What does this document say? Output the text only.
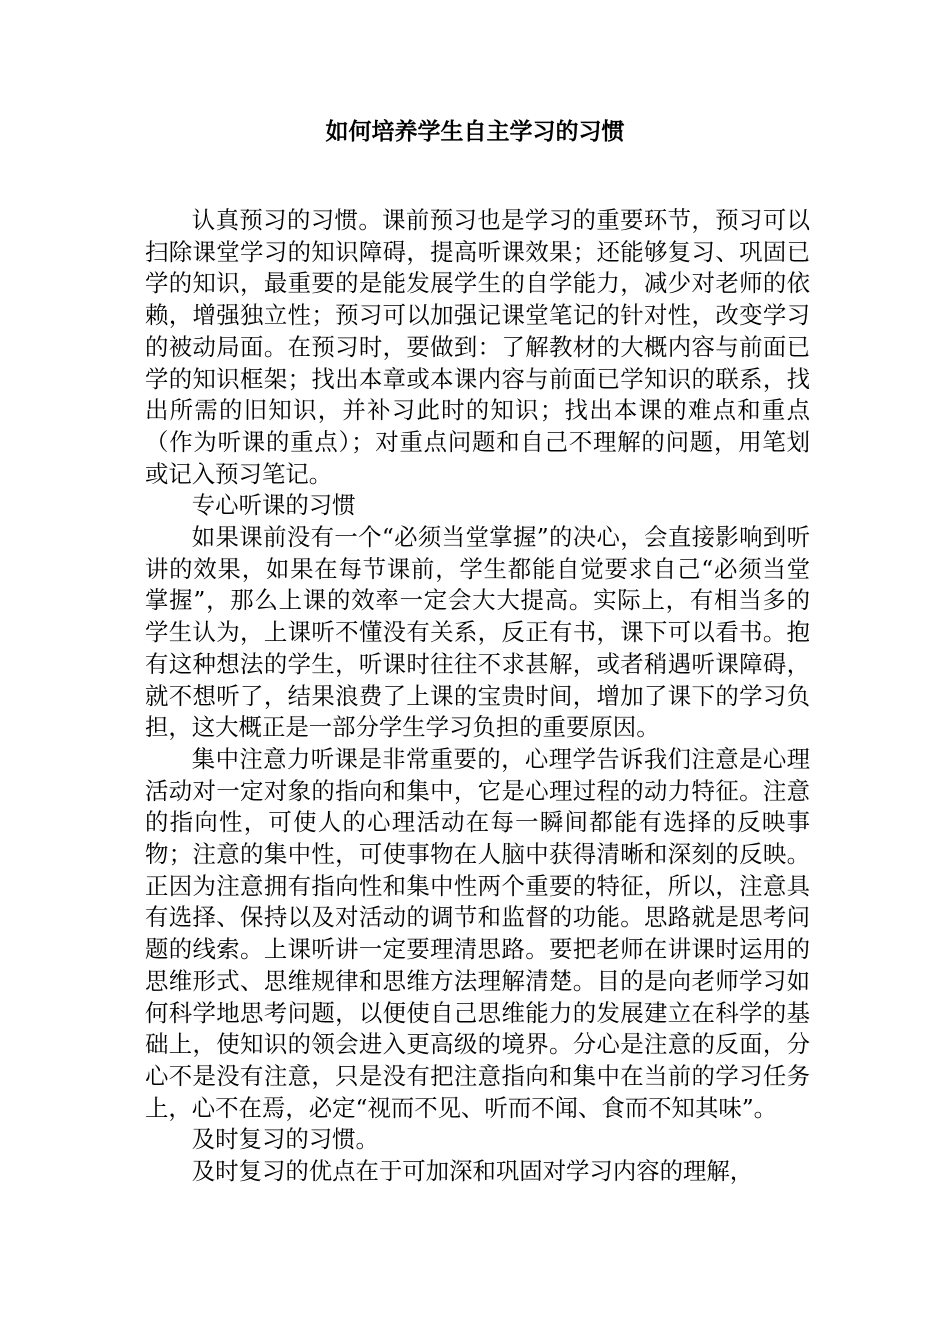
如何培养学生自主学习的习惯

认真预习的习惯。课前预习也是学习的重要环节，预习可以扫除课堂学习的知识障碍，提高听课效果；还能够复习、巩固已学的知识，最重要的是能发展学生的自学能力，减少对老师的依赖，增强独立性；预习可以加强记课堂笔记的针对性，改变学习的被动局面。在预习时，要做到：了解教材的大概内容与前面已学的知识框架；找出本章或本课内容与前面已学知识的联系，找出所需的旧知识，并补习此时的知识；找出本课的难点和重点（作为听课的重点）；对重点问题和自己不理解的问题，用笔划或记入预习笔记。

专心听课的习惯

如果课前没有一个“必须当堂掌握”的决心，会直接影响到听讲的效果，如果在每节课前，学生都能自觉要求自己“必须当堂掌握”，那么上课的效率一定会大大提高。实际上，有相当多的学生认为，上课听不懂没有关系，反正有书，课下可以看书。抱有这种想法的学生，听课时往往不求甚解，或者稍遇听课障碍，就不想听了，结果浪费了上课的宝贵时间，增加了课下的学习负担，这大概正是一部分学生学习负担的重要原因。

集中注意力听课是非常重要的，心理学告诉我们注意是心理活动对一定对象的指向和集中，它是心理过程的动力特征。注意的指向性，可使人的心理活动在每一瞬间都能有选择的反映事物；注意的集中性，可使事物在人脑中获得清晰和深刻的反映。正因为注意拥有指向性和集中性两个重要的特征，所以，注意具有选择、保持以及对活动的调节和监督的功能。思路就是思考问题的线索。上课听讲一定要理清思路。要把老师在讲课时运用的思维形式、思维规律和思维方法理解清楚。目的是向老师学习如何科学地思考问题，以便使自己思维能力的发展建立在科学的基础上，使知识的领会进入更高级的境界。分心是注意的反面，分心不是没有注意，只是没有把注意指向和集中在当前的学习任务上，心不在焉，必定“视而不见、听而不闻、食而不知其味”。

及时复习的习惯。

及时复习的优点在于可加深和巩固对学习内容的理解，
